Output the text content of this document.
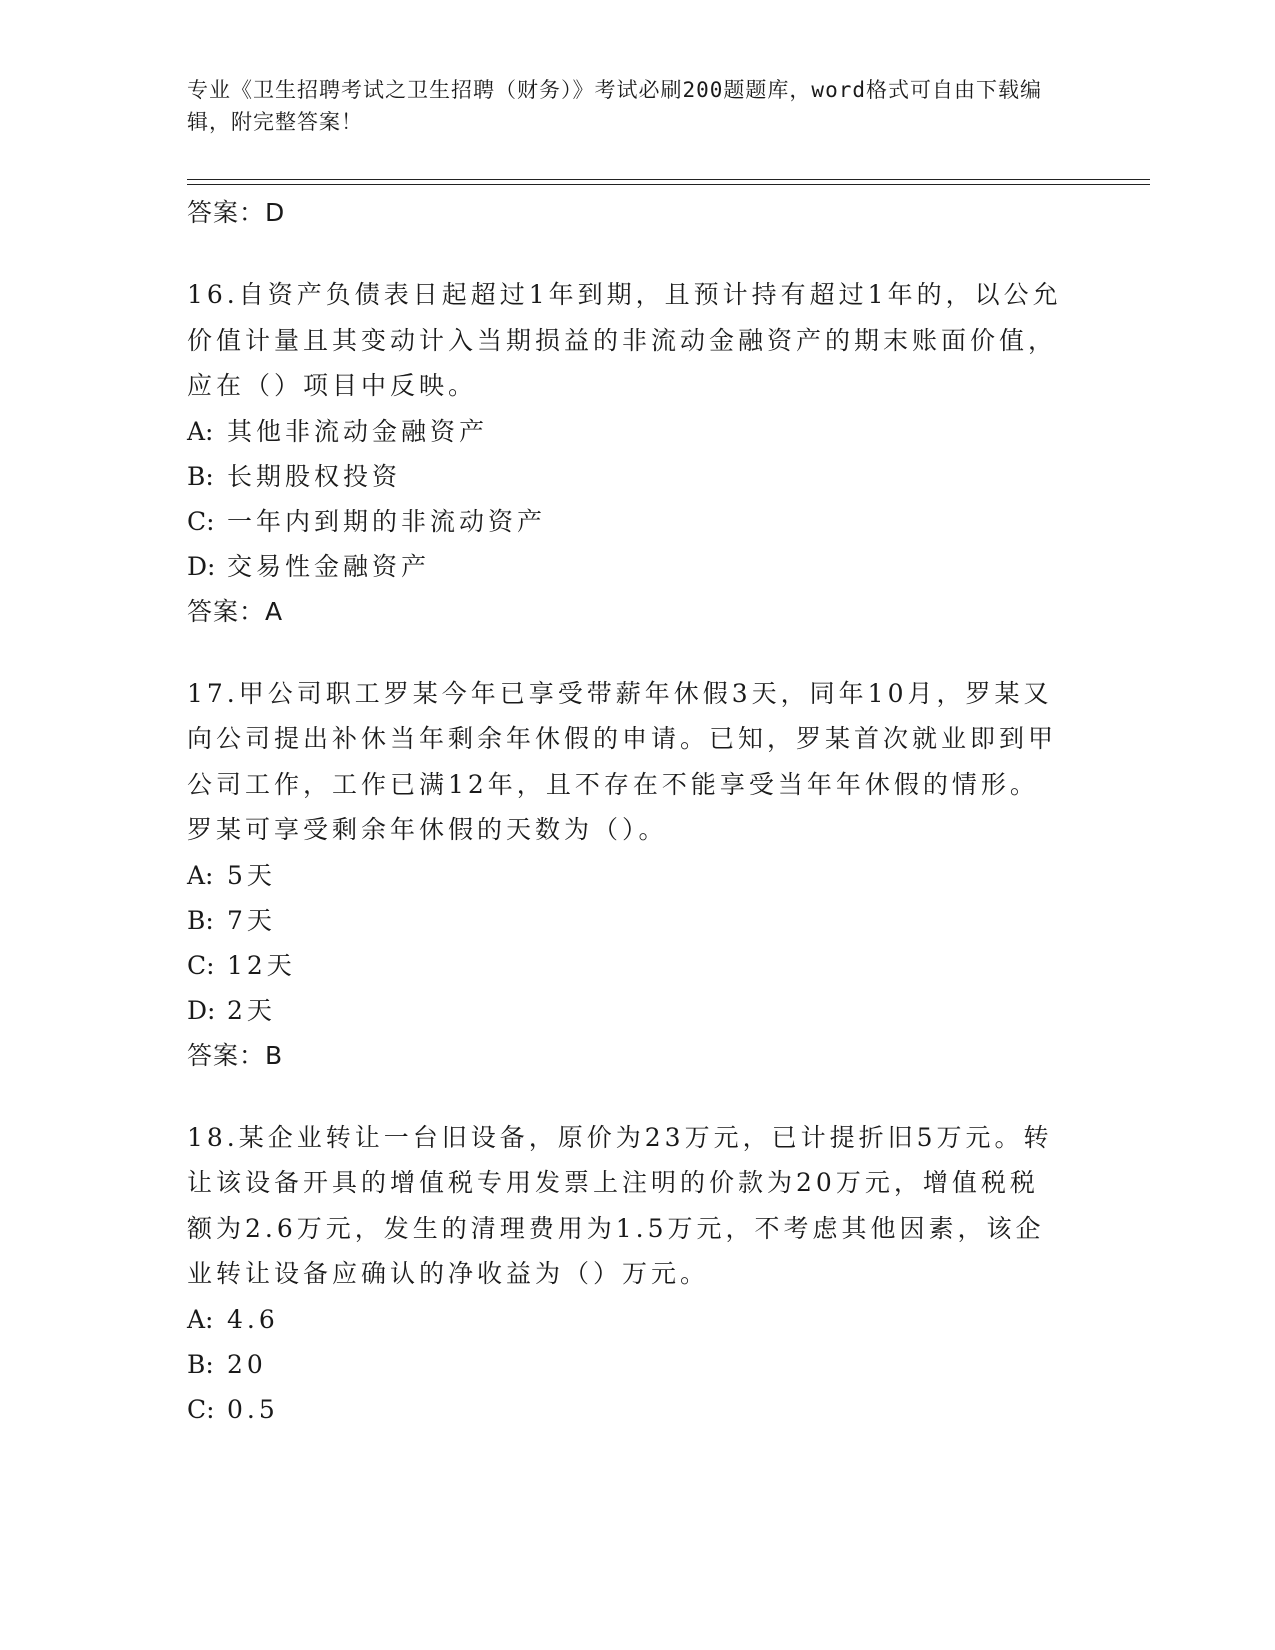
专业《卫生招聘考试之卫生招聘（财务）》考试必刷200题题库，word格式可自由下载编辑，附完整答案！
答案：D

16.自资产负债表日起超过1年到期，且预计持有超过1年的，以公允价值计量且其变动计入当期损益的非流动金融资产的期末账面价值，应在（）项目中反映。

A: 其他非流动金融资产
B: 长期股权投资
C: 一年内到期的非流动资产
D: 交易性金融资产
答案：A

17.甲公司职工罗某今年已享受带薪年休假3天，同年10月，罗某又向公司提出补休当年剩余年休假的申请。已知，罗某首次就业即到甲公司工作，工作已满12年，且不存在不能享受当年年休假的情形。罗某可享受剩余年休假的天数为（）。

A: 5天
B: 7天
C: 12天
D: 2天
答案：B

18.某企业转让一台旧设备，原价为23万元，已计提折旧5万元。转让该设备开具的增值税专用发票上注明的价款为20万元，增值税税额为2.6万元，发生的清理费用为1.5万元，不考虑其他因素，该企业转让设备应确认的净收益为（）万元。

A: 4.6
B: 20
C: 0.5
